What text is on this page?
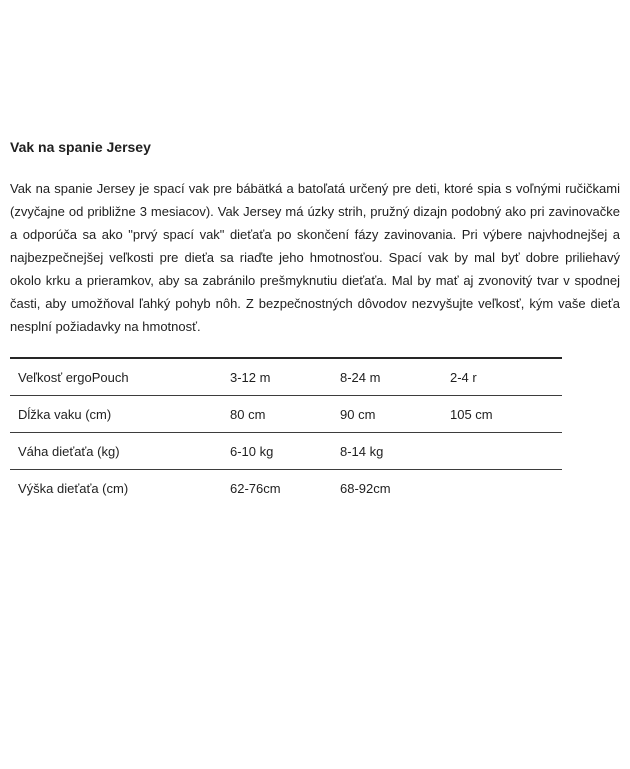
Vak na spanie Jersey
Vak na spanie Jersey je spací vak pre bábätká a batoľatá určený pre deti, ktoré spia s voľnými ručičkami (zvyčajne od približne 3 mesiacov). Vak Jersey má úzky strih, pružný dizajn podobný ako pri zavinovačke a odporúča sa ako "prvý spací vak" dieťaťa po skončení fázy zavinovania. Pri výbere najvhodnejšej a najbezpečnejšej veľkosti pre dieťa sa riaďte jeho hmotnosťou. Spací vak by mal byť dobre priliehavý okolo krku a prieramkov, aby sa zabránilo prešmyknutiu dieťaťa. Mal by mať aj zvonovitý tvar v spodnej časti, aby umožňoval ľahký pohyb nôh. Z bezpečnostných dôvodov nezvyšujte veľkosť, kým vaše dieťa nesplní požiadavky na hmotnosť.
Veľkosť ergoPouch	3-12 m	8-24 m	2-4 r
Dĺžka vaku (cm)	80 cm	90 cm	105 cm
Váha dieťaťa (kg)	6-10 kg	8-14 kg
Výška dieťaťa (cm)	62-76cm	68-92cm
